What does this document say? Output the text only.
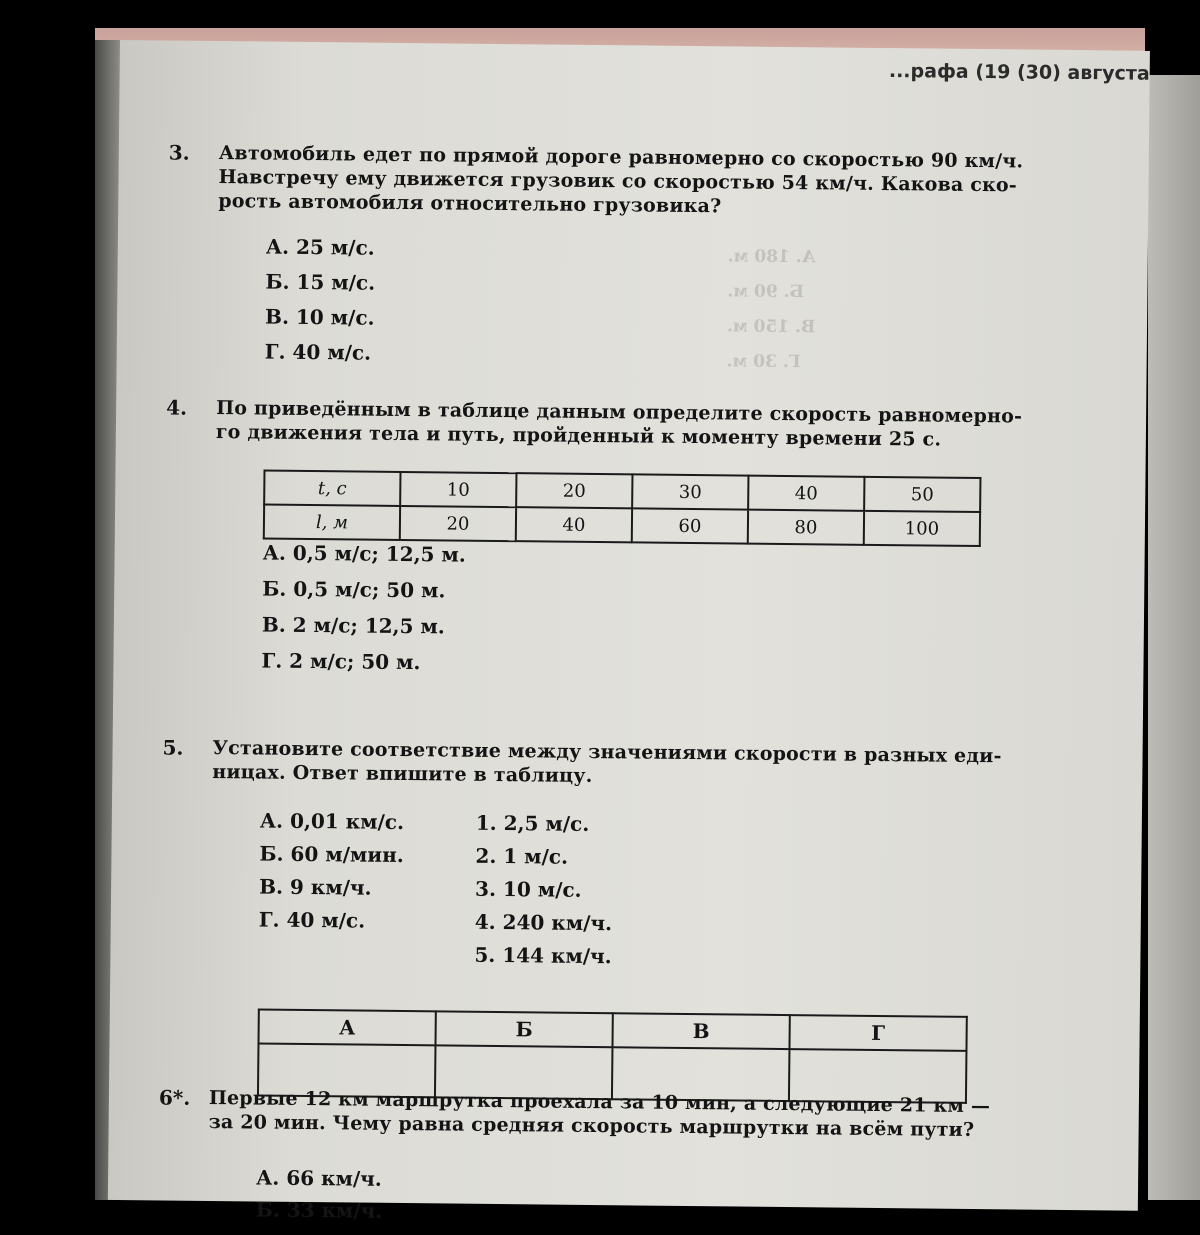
...рафа (19 (30) августа
А. 180 м.
Б. 90 м.
В. 150 м.
Г. 30 м.
3. Автомобиль едет по прямой дороге равномерно со скоростью 90 км/ч.
Навстречу ему движется грузовик со скоростью 54 км/ч. Какова ско-
рость автомобиля относительно грузовика?
А. 25 м/с.
Б. 15 м/с.
В. 10 м/с.
Г. 40 м/с.
4. По приведённым в таблице данным определите скорость равномерно-
го движения тела и путь, пройденный к моменту времени 25 с.
t, c	10	20	30	40	50
l, м	20	40	60	80	100
А. 0,5 м/с; 12,5 м.
Б. 0,5 м/с; 50 м.
В. 2 м/с; 12,5 м.
Г. 2 м/с; 50 м.
5. Установите соответствие между значениями скорости в разных еди-
ницах. Ответ впишите в таблицу.
А. 0,01 км/с.
Б. 60 м/мин.
В. 9 км/ч.
Г. 40 м/с.
1. 2,5 м/с.
2. 1 м/с.
3. 10 м/с.
4. 240 км/ч.
5. 144 км/ч.
А	Б	В	Г

6*. Первые 12 км маршрутка проехала за 10 мин, а следующие 21 км —
за 20 мин. Чему равна средняя скорость маршрутки на всём пути?
А. 66 км/ч.
Б. 33 км/ч.
